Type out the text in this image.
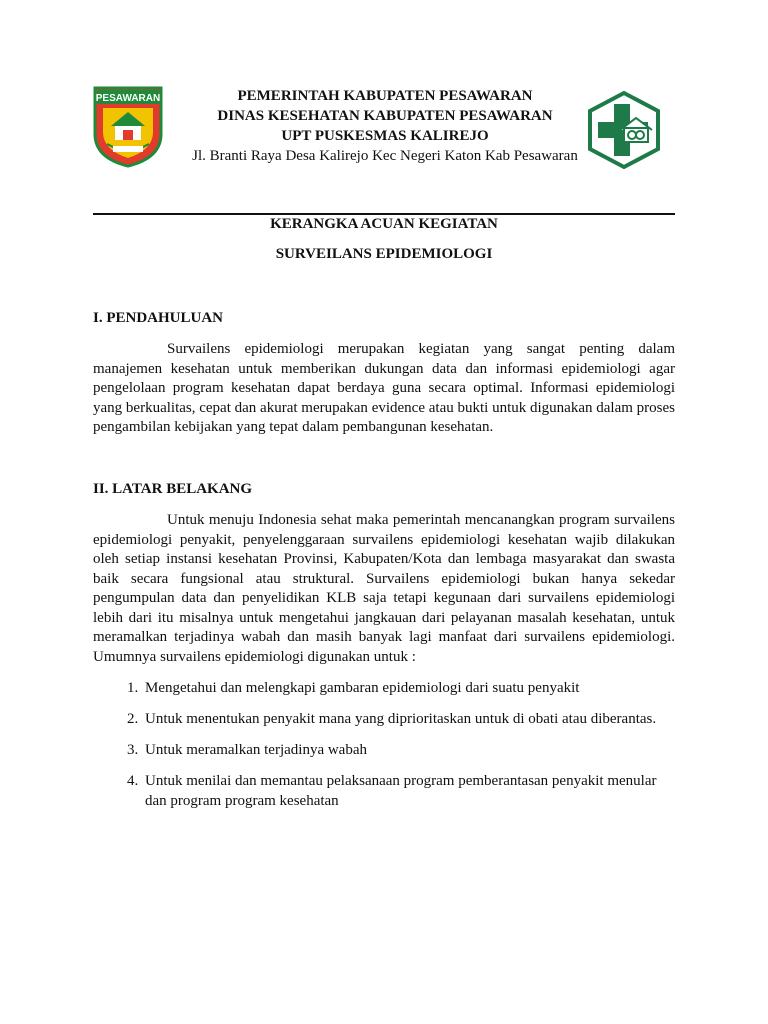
PESAWARAN	PEMERINTAH KABUPATEN PESAWARAN
DINAS KESEHATAN KABUPATEN PESAWARAN
UPT PUSKESMAS KALIREJO
Jl. Branti Raya Desa Kalirejo Kec Negeri Katon Kab Pesawaran
KERANGKA ACUAN KEGIATAN
SURVEILANS EPIDEMIOLOGI
I. PENDAHULUAN

Survailens epidemiologi merupakan kegiatan yang sangat penting dalam manajemen kesehatan untuk memberikan dukungan data dan informasi epidemiologi agar pengelolaan program kesehatan dapat berdaya guna secara optimal. Informasi epidemiologi yang berkualitas, cepat dan akurat merupakan evidence atau bukti untuk digunakan dalam proses pengambilan kebijakan yang tepat dalam pembangunan kesehatan.

II. LATAR BELAKANG

Untuk menuju Indonesia sehat maka pemerintah mencanangkan program survailens epidemiologi penyakit, penyelenggaraan survailens epidemiologi kesehatan wajib dilakukan oleh setiap instansi kesehatan Provinsi, Kabupaten/Kota dan lembaga masyarakat dan swasta baik secara fungsional atau struktural. Survailens epidemiologi bukan hanya sekedar pengumpulan data dan penyelidikan KLB saja tetapi kegunaan dari survailens epidemiologi lebih dari itu misalnya untuk mengetahui jangkauan dari pelayanan masalah kesehatan, untuk meramalkan terjadinya wabah dan masih banyak lagi manfaat dari survailens epidemiologi. Umumnya survailens epidemiologi digunakan untuk :

1. Mengetahui dan melengkapi gambaran epidemiologi dari suatu penyakit
2. Untuk menentukan penyakit mana yang diprioritaskan untuk di obati atau diberantas.
3. Untuk meramalkan terjadinya wabah
4. Untuk menilai dan memantau pelaksanaan program pemberantasan penyakit menular dan program program kesehatan
